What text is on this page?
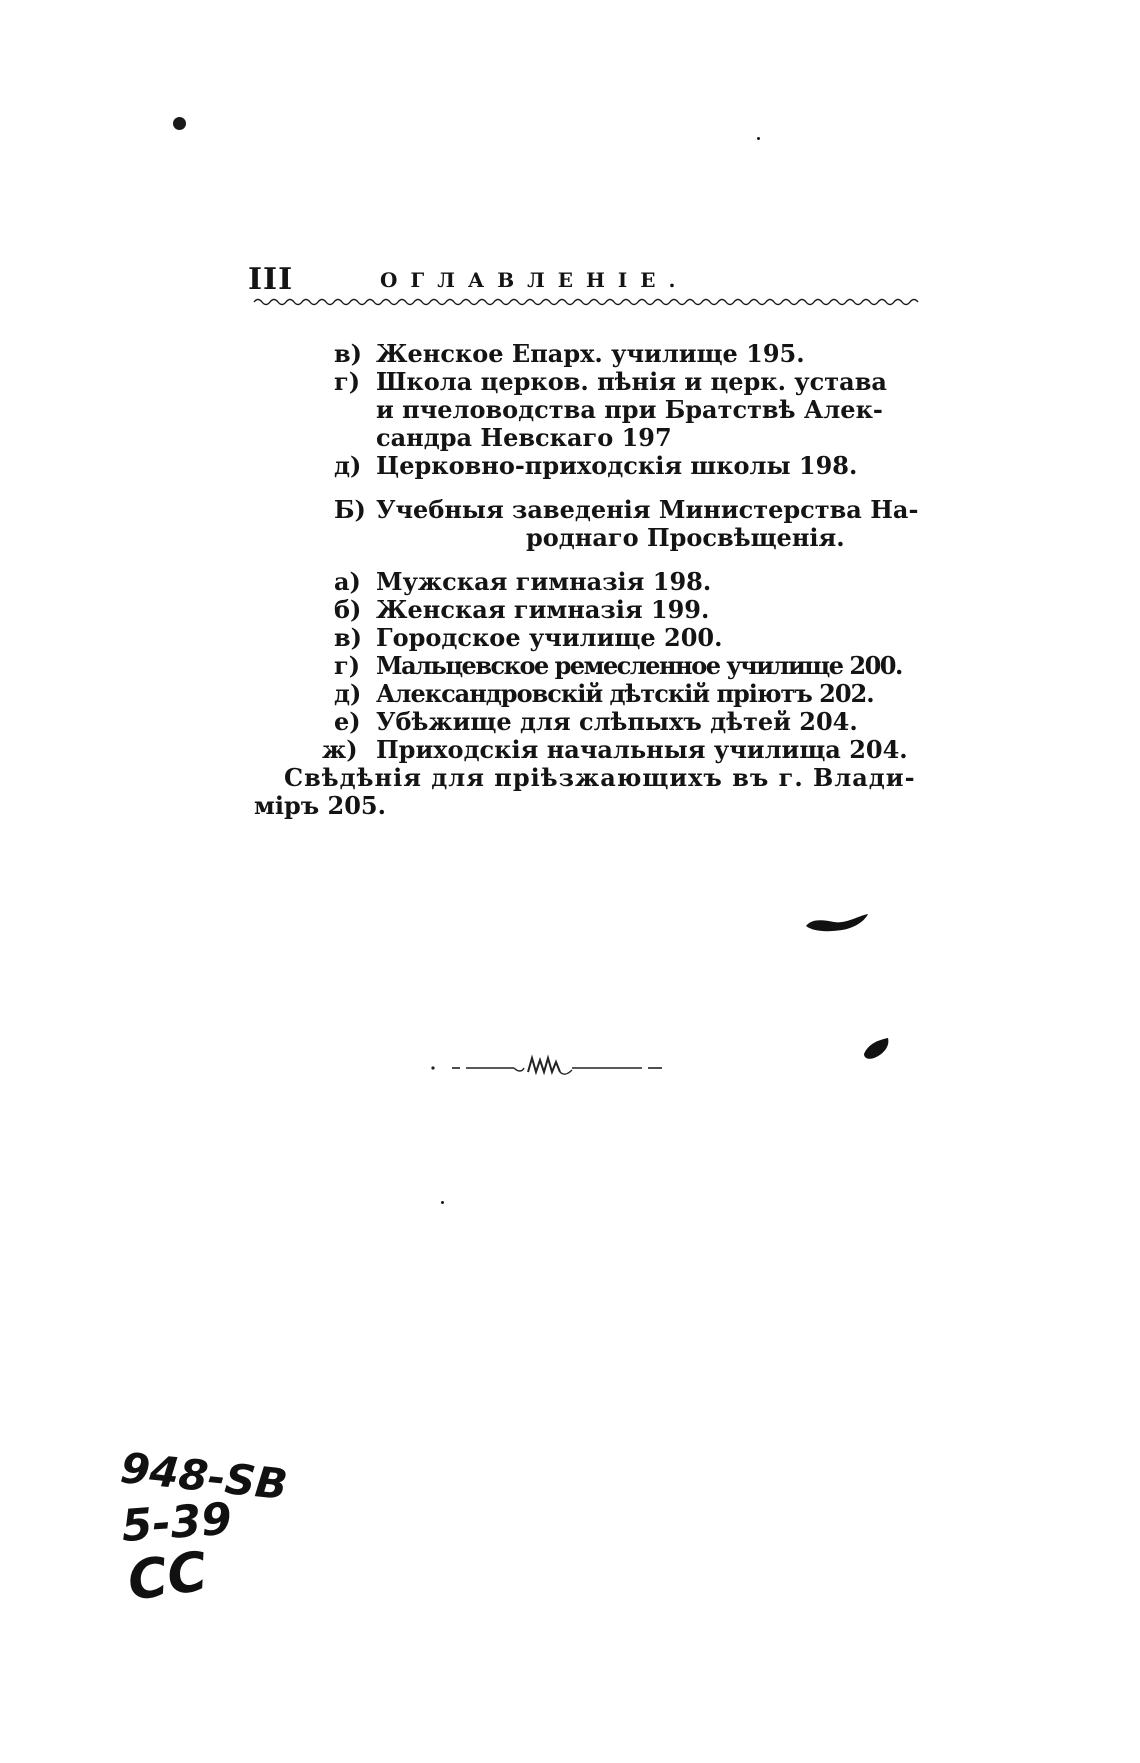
III	ОГЛАВЛЕНІЕ.
в) Женское Епарх. училище 195.
г) Школа церков. пѣнія и церк. устава
и пчеловодства при Братствѣ Алек-
сандра Невскаго 197
д) Церковно-приходскія школы 198.
Б) Учебныя заведенія Министерства На-
роднаго Просвѣщенія.
а) Мужская гимназія 198.
б) Женская гимназія 199.
в) Городское училище 200.
г) Мальцевское ремесленное училище 200.
д) Александровскій дѣтскій пріютъ 202.
е) Убѣжище для слѣпыхъ дѣтей 204.
ж) Приходскія начальныя училища 204.
Свѣдѣнія для пріѣзжающихъ въ г. Влади-
міръ 205.
948-SB
5-39
CC
